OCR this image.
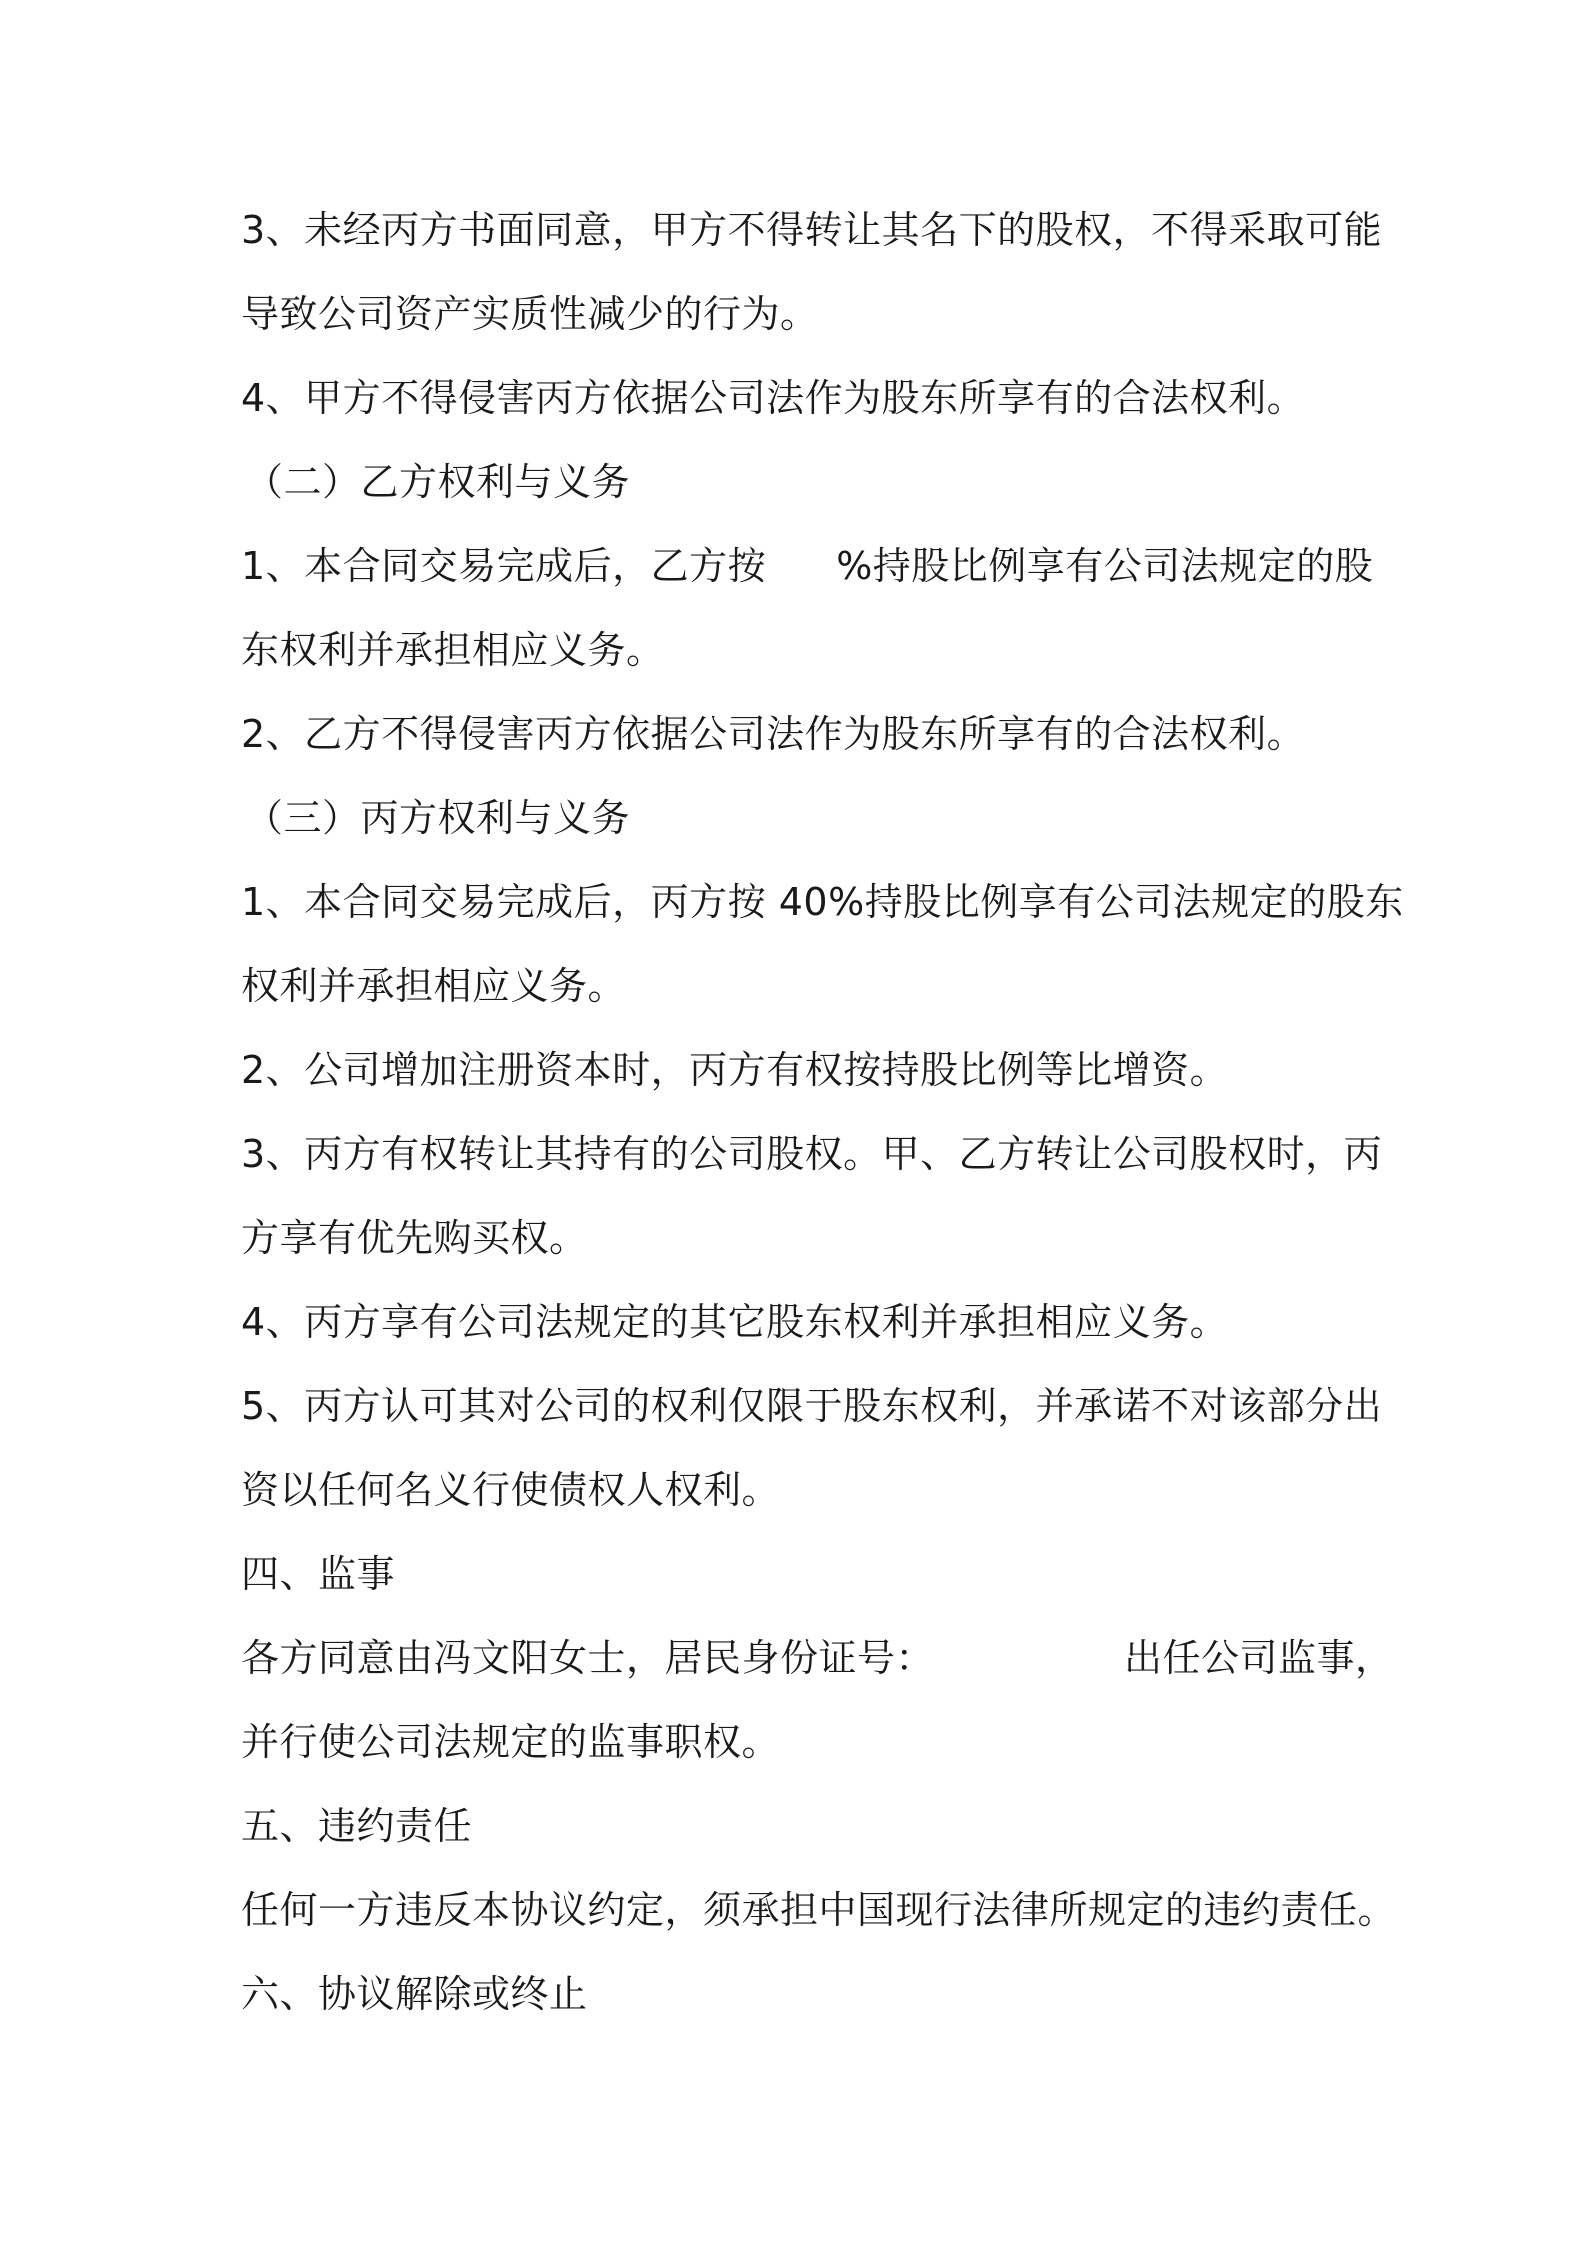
3、未经丙方书面同意，甲方不得转让其名下的股权，不得采取可能
导致公司资产实质性减少的行为。
4、甲方不得侵害丙方依据公司法作为股东所享有的合法权利。
（二）乙方权利与义务
1、本合同交易完成后，乙方按 %持股比例享有公司法规定的股
东权利并承担相应义务。
2、乙方不得侵害丙方依据公司法作为股东所享有的合法权利。
（三）丙方权利与义务
1、本合同交易完成后，丙方按 40%持股比例享有公司法规定的股东
权利并承担相应义务。
2、公司增加注册资本时，丙方有权按持股比例等比增资。
3、丙方有权转让其持有的公司股权。甲、乙方转让公司股权时，丙
方享有优先购买权。
4、丙方享有公司法规定的其它股东权利并承担相应义务。
5、丙方认可其对公司的权利仅限于股东权利，并承诺不对该部分出
资以任何名义行使债权人权利。
四、监事
各方同意由冯文阳女士，居民身份证号：	出任公司监事，
并行使公司法规定的监事职权。
五、违约责任
任何一方违反本协议约定，须承担中国现行法律所规定的违约责任。
六、协议解除或终止
